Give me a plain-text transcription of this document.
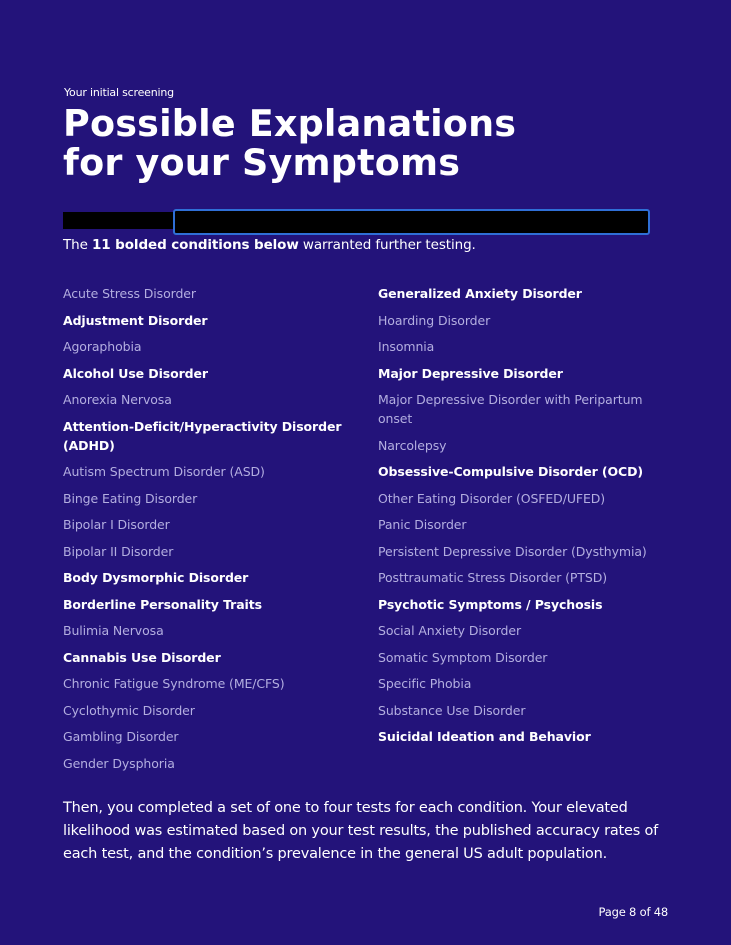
Your initial screening
Possible Explanations for your Symptoms
The 11 bolded conditions below warranted further testing.
Acute Stress Disorder
Adjustment Disorder
Agoraphobia
Alcohol Use Disorder
Anorexia Nervosa
Attention-Deficit/Hyperactivity Disorder (ADHD)
Autism Spectrum Disorder (ASD)
Binge Eating Disorder
Bipolar I Disorder
Bipolar II Disorder
Body Dysmorphic Disorder
Borderline Personality Traits
Bulimia Nervosa
Cannabis Use Disorder
Chronic Fatigue Syndrome (ME/CFS)
Cyclothymic Disorder
Gambling Disorder
Gender Dysphoria
Generalized Anxiety Disorder
Hoarding Disorder
Insomnia
Major Depressive Disorder
Major Depressive Disorder with Peripartum onset
Narcolepsy
Obsessive-Compulsive Disorder (OCD)
Other Eating Disorder (OSFED/UFED)
Panic Disorder
Persistent Depressive Disorder (Dysthymia)
Posttraumatic Stress Disorder (PTSD)
Psychotic Symptoms / Psychosis
Social Anxiety Disorder
Somatic Symptom Disorder
Specific Phobia
Substance Use Disorder
Suicidal Ideation and Behavior
Then, you completed a set of one to four tests for each condition. Your elevated likelihood was estimated based on your test results, the published accuracy rates of each test, and the condition’s prevalence in the general US adult population.
Page 8 of 48
